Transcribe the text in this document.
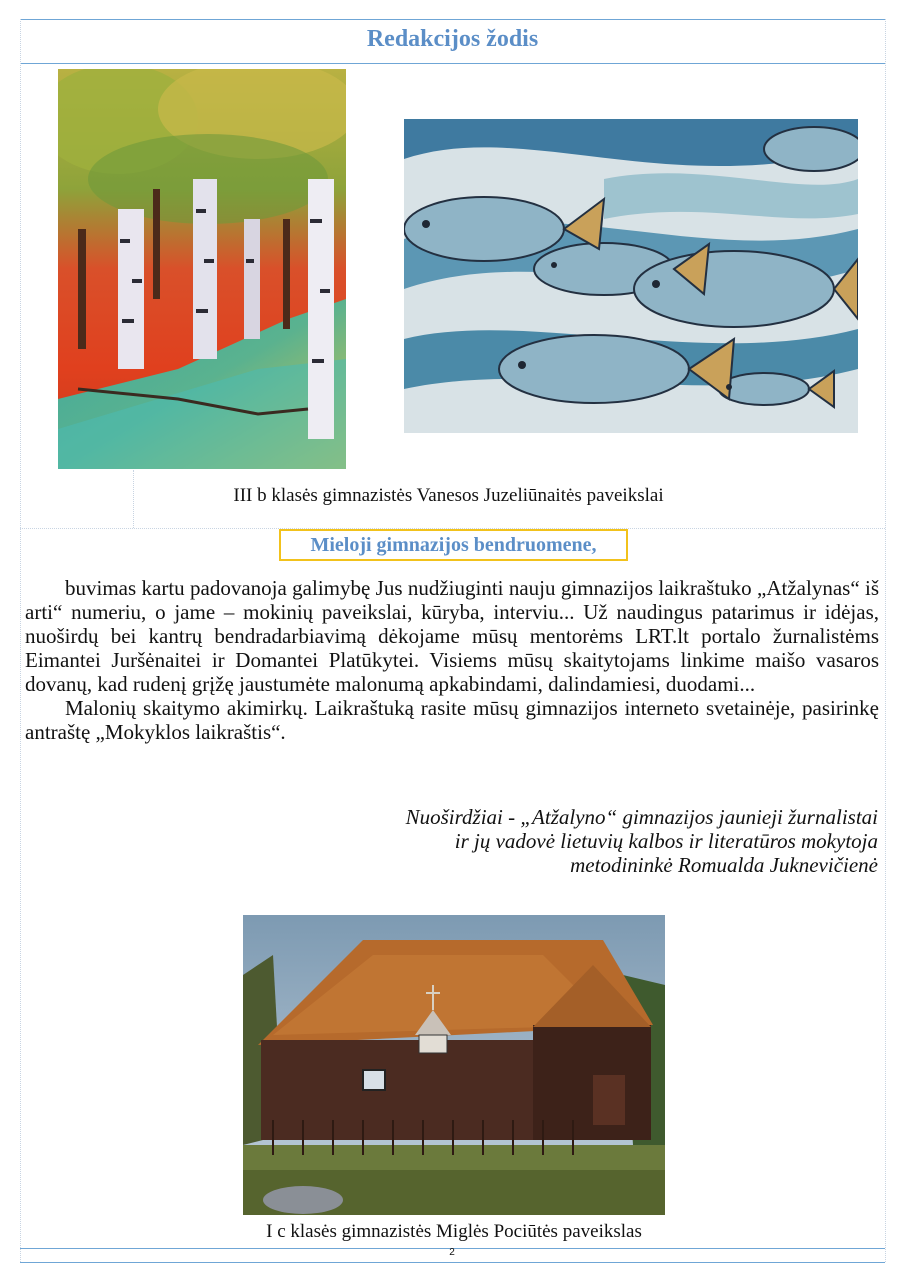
Redakcijos žodis
III b klasės gimnazistės Vanesos Juzeliūnaitės paveikslai
Mieloji gimnazijos bendruomene,

buvimas kartu padovanoja galimybę Jus nudžiuginti nauju gimnazijos laikraštuko „Atžalynas“ iš arti“ numeriu, o jame – mokinių paveikslai, kūryba, interviu... Už naudingus patarimus ir idėjas, nuoširdų bei kantrų bendradarbiavimą dėkojame mūsų mentorėms LRT.lt portalo žurnalistėms Eimantei Juršėnaitei ir Domantei Platūkytei. Visiems mūsų skaitytojams linkime maišo vasaros dovanų, kad rudenį grįžę jaustumėte malonumą apkabindami, dalindamiesi, duodami...

Malonių skaitymo akimirkų. Laikraštuką rasite mūsų gimnazijos interneto svetainėje, pasirinkę antraštę „Mokyklos laikraštis“.

Nuoširdžiai - „Atžalyno“ gimnazijos jaunieji žurnalistai
ir jų vadovė lietuvių kalbos ir literatūros mokytoja
metodininkė Romualda Juknevičienė
I c klasės gimnazistės Miglės Pociūtės paveikslas
2
